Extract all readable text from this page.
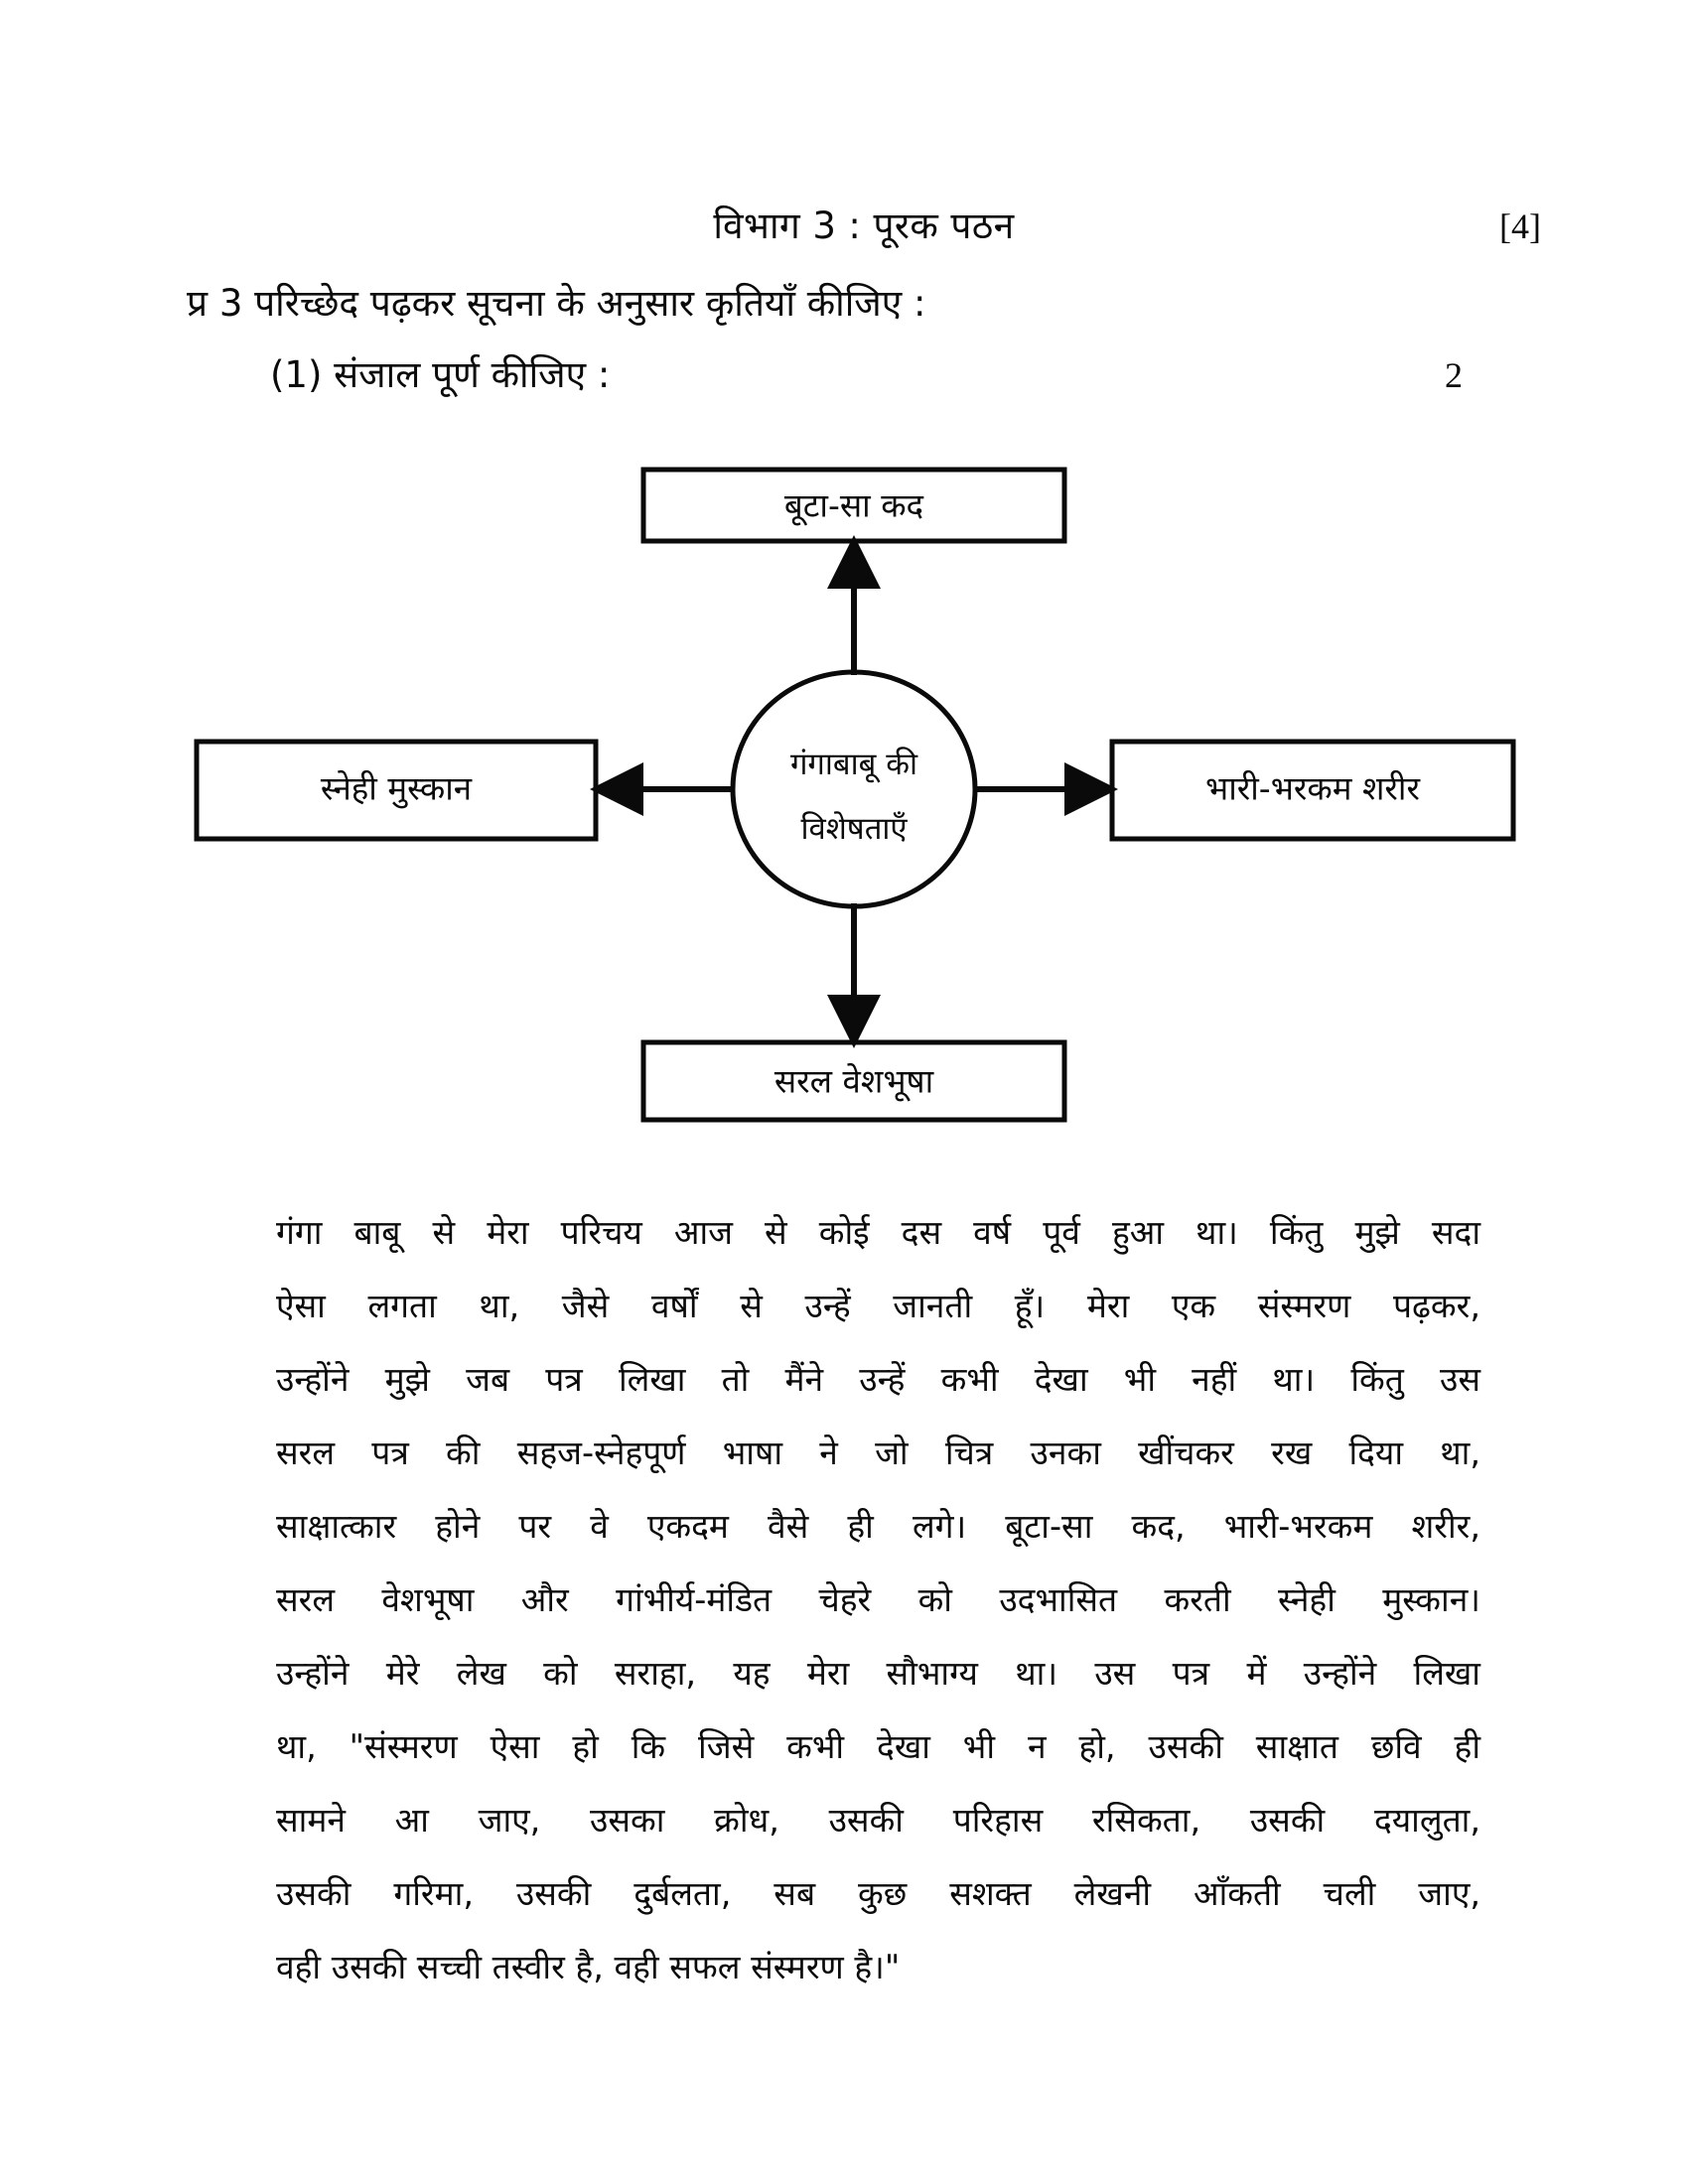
विभाग 3 : पूरक पठन	[4]
प्र 3 परिच्छेद पढ़कर सूचना के अनुसार कृतियाँ कीजिए :
(1) संजाल पूर्ण कीजिए :	2
बूटा-सा कद
स्नेही मुस्कान	भारी-भरकम शरीर
सरल वेशभूषा
गंगाबाबू की
विशेषताएँ
गंगा बाबू से मेरा परिचय आज से कोई दस वर्ष पूर्व हुआ था। किंतु मुझे सदा
ऐसा लगता था, जैसे वर्षों से उन्हें जानती हूँ। मेरा एक संस्मरण पढ़कर,
उन्होंने मुझे जब पत्र लिखा तो मैंने उन्हें कभी देखा भी नहीं था। किंतु उस
सरल पत्र की सहज-स्नेहपूर्ण भाषा ने जो चित्र उनका खींचकर रख दिया था,
साक्षात्कार होने पर वे एकदम वैसे ही लगे। बूटा-सा कद, भारी-भरकम शरीर,
सरल वेशभूषा और गांभीर्य-मंडित चेहरे को उदभासित करती स्नेही मुस्कान।
उन्होंने मेरे लेख को सराहा, यह मेरा सौभाग्य था। उस पत्र में उन्होंने लिखा
था, "संस्मरण ऐसा हो कि जिसे कभी देखा भी न हो, उसकी साक्षात छवि ही
सामने आ जाए, उसका क्रोध, उसकी परिहास रसिकता, उसकी दयालुता,
उसकी गरिमा, उसकी दुर्बलता, सब कुछ सशक्त लेखनी आँकती चली जाए,
वही उसकी सच्ची तस्वीर है, वही सफल संस्मरण है।"
